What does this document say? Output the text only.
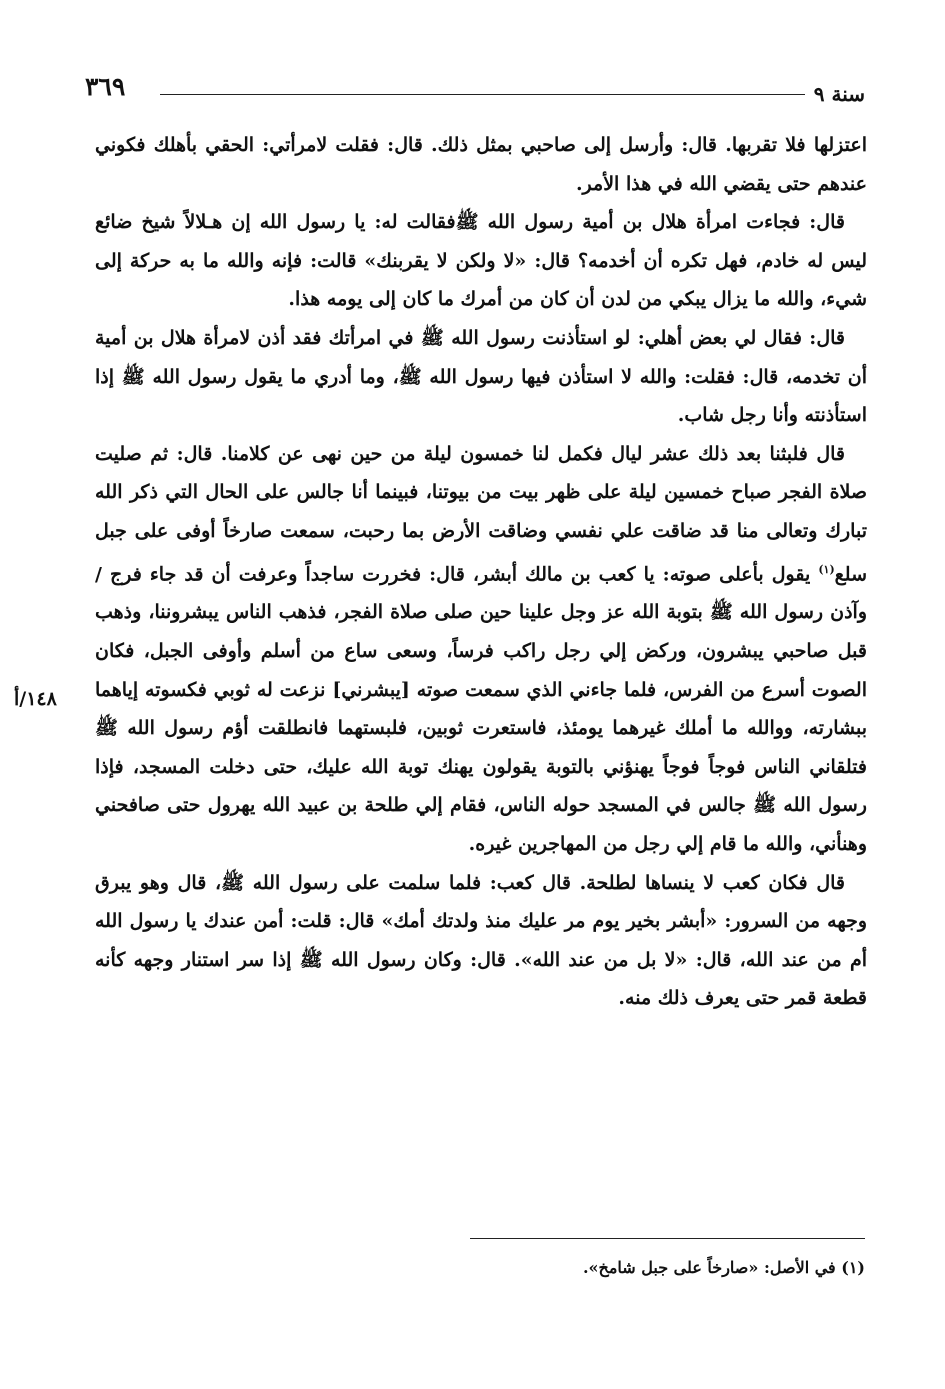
٣٦٩	سنة ٩

اعتزلها فلا تقربها. قال: وأرسل إلى صاحبي بمثل ذلك. قال: فقلت لامرأتي: الحقي بأهلك فكوني عندهم حتى يقضي الله في هذا الأمر.

قال: فجاءت امرأة هلال بن أمية رسول الله ﷺفقالت له: يا رسول الله إن هـلالاً شيخ ضائع ليس له خادم، فهل تكره أن أخدمه؟ قال: «لا ولكن لا يقربنك» قالت: فإنه والله ما به حركة إلى شيء، والله ما يزال يبكي من لدن أن كان من أمرك ما كان إلى يومه هذا.

قال: فقال لي بعض أهلي: لو استأذنت رسول الله ﷺ في امرأتك فقد أذن لامرأة هلال بن أمية أن تخدمه، قال: فقلت: والله لا استأذن فيها رسول الله ﷺ، وما أدري ما يقول رسول الله ﷺ إذا استأذنته وأنا رجل شاب.

قال فلبثنا بعد ذلك عشر ليال فكمل لنا خمسون ليلة من حين نهى عن كلامنا. قال: ثم صليت صلاة الفجر صباح خمسين ليلة على ظهر بيت من بيوتنا، فبينما أنا جالس على الحال التي ذكر الله تبارك وتعالى منا قد ضاقت علي نفسي وضاقت الأرض بما رحبت، سمعت صارخاً أوفى على جبل سلع$^{(١)}$ يقول بأعلى صوته: يا كعب بن مالك أبشر، قال: فخررت ساجداً وعرفت أن قد جاء فرج / وآذن رسول الله ﷺ بتوبة الله عز وجل علينا حين صلى صلاة الفجر، فذهب الناس يبشروننا، وذهب قبل صاحبي يبشرون، وركض إلي رجل راكب فرساً، وسعى ساع من أسلم وأوفى الجبل، فكان الصوت أسرع من الفرس، فلما جاءني الذي سمعت صوته [يبشرني] نزعت له ثوبي فكسوته إياهما ببشارته، ووالله ما أملك غيرهما يومئذ، فاستعرت ثوبين، فلبستهما فانطلقت أؤم رسول الله ﷺ فتلقاني الناس فوجاً فوجاً يهنؤني بالتوبة يقولون يهنك توبة الله عليك، حتى دخلت المسجد، فإذا رسول الله ﷺ جالس في المسجد حوله الناس، فقام إلي طلحة بن عبيد الله يهرول حتى صافحني وهنأني، والله ما قام إلي رجل من المهاجرين غيره.

قال فكان كعب لا ينساها لطلحة. قال كعب: فلما سلمت على رسول الله ﷺ، قال وهو يبرق وجهه من السرور: «أبشر بخير يوم مر عليك منذ ولدتك أمك» قال: قلت: أمن عندك يا رسول الله أم من عند الله، قال: «لا بل من عند الله». قال: وكان رسول الله ﷺ إذا سر استنار وجهه كأنه قطعة قمر حتى يعرف ذلك منه.

١٤٨/أ
(١) في الأصل: «صارخاً على جبل شامخ».
